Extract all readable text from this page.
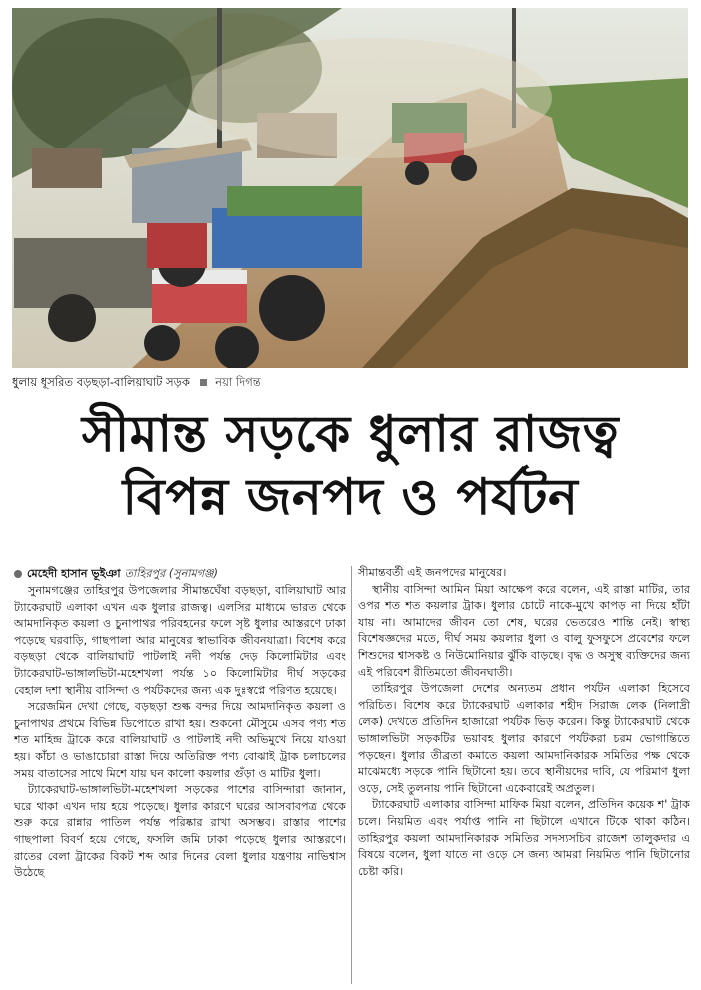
ধুলায় ধূসরিত বড়ছড়া-বালিয়াঘাট সড়ক নয়া দিগন্ত
সীমান্ত সড়কে ধুলার রাজত্ব
বিপন্ন জনপদ ও পর্যটন

মেহেদী হাসান ভূইঞা তাহিরপুর (সুনামগঞ্জ)

সুনামগঞ্জের তাহিরপুর উপজেলার সীমান্তঘেঁষা বড়ছড়া, বালিয়াঘাট আর ট্যাকেরঘাট এলাকা এখন এক ধুলার রাজত্ব। এলসির মাধ্যমে ভারত থেকে আমদানিকৃত কয়লা ও চুনাপাথর পরিবহনের ফলে সৃষ্ট ধুলার আস্তরণে ঢাকা পড়েছে ঘরবাড়ি, গাছপালা আর মানুষের স্বাভাবিক জীবনযাত্রা। বিশেষ করে বড়ছড়া থেকে বালিয়াঘাট পাটলাই নদী পর্যন্ত দেড় কিলোমিটার এবং ট্যাকেরঘাট-ভাঙ্গালভিটা-মহেশখলা পর্যন্ত ১০ কিলোমিটার দীর্ঘ সড়কের বেহাল দশা স্থানীয় বাসিন্দা ও পর্যটকদের জন্য এক দুঃস্বপ্নে পরিণত হয়েছে।

সরেজমিন দেখা গেছে, বড়ছড়া শুল্ক বন্দর দিয়ে আমদানিকৃত কয়লা ও চুনাপাথর প্রথমে বিভিন্ন ডিপোতে রাখা হয়। শুকনো মৌসুমে এসব পণ্য শত শত মাহিন্দ্র ট্রাকে করে বালিয়াঘাট ও পাটলাই নদী অভিমুখে নিয়ে যাওয়া হয়। কাঁচা ও ভাঙাচোরা রাস্তা দিয়ে অতিরিক্ত পণ্য বোঝাই ট্রাক চলাচলের সময় বাতাসের সাথে মিশে যায় ঘন কালো কয়লার গুঁড়া ও মাটির ধুলা।

ট্যাকেরঘাট-ভাঙ্গালভিটা-মহেশখলা সড়কের পাশের বাসিন্দারা জানান, ঘরে থাকা এখন দায় হয়ে পড়েছে। ধুলার কারণে ঘরের আসবাবপত্র থেকে শুরু করে রান্নার পাতিল পর্যন্ত পরিষ্কার রাখা অসম্ভব। রাস্তার পাশের গাছপালা বিবর্ণ হয়ে গেছে, ফসলি জমি ঢাকা পড়েছে ধুলার আস্তরণে। রাতের বেলা ট্রাকের বিকট শব্দ আর দিনের বেলা ধুলার যন্ত্রণায় নাভিশ্বাস উঠেছে

সীমান্তবর্তী এই জনপদের মানুষের।

স্থানীয় বাসিন্দা আমিন মিয়া আক্ষেপ করে বলেন, এই রাস্তা মাটির, তার ওপর শত শত কয়লার ট্রাক। ধুলার চোটে নাকে-মুখে কাপড় না দিয়ে হাঁটা যায় না। আমাদের জীবন তো শেষ, ঘরের ভেতরেও শান্তি নেই। স্বাস্থ্য বিশেষজ্ঞদের মতে, দীর্ঘ সময় কয়লার ধুলা ও বালু ফুসফুসে প্রবেশের ফলে শিশুদের শ্বাসকষ্ট ও নিউমোনিয়ার ঝুঁকি বাড়ছে। বৃদ্ধ ও অসুস্থ ব্যক্তিদের জন্য এই পরিবেশ রীতিমতো জীবনঘাতী।

তাহিরপুর উপজেলা দেশের অন্যতম প্রধান পর্যটন এলাকা হিসেবে পরিচিত। বিশেষ করে ট্যাকেরঘাট এলাকার শহীদ সিরাজ লেক (নিলাদ্রী লেক) দেখতে প্রতিদিন হাজারো পর্যটক ভিড় করেন। কিন্তু ট্যাকেরঘাট থেকে ভাঙ্গালভিটা সড়কটির ভয়াবহ ধুলার কারণে পর্যটকরা চরম ভোগান্তিতে পড়ছেন। ধুলার তীব্রতা কমাতে কয়লা আমদানিকারক সমিতির পক্ষ থেকে মাঝেমধ্যে সড়কে পানি ছিটানো হয়। তবে স্থানীয়দের দাবি, যে পরিমাণ ধুলা ওড়ে, সেই তুলনায় পানি ছিটানো একেবারেই অপ্রতুল।

ট্যাকেরঘাট এলাকার বাসিন্দা মাফিক মিয়া বলেন, প্রতিদিন কয়েক শ' ট্রাক চলে। নিয়মিত এবং পর্যাপ্ত পানি না ছিটালে এখানে টিকে থাকা কঠিন। তাহিরপুর কয়লা আমদানিকারক সমিতির সদস্যসচিব রাজেশ তালুকদার এ বিষয়ে বলেন, ধুলা যাতে না ওড়ে সে জন্য আমরা নিয়মিত পানি ছিটানোর চেষ্টা করি।
